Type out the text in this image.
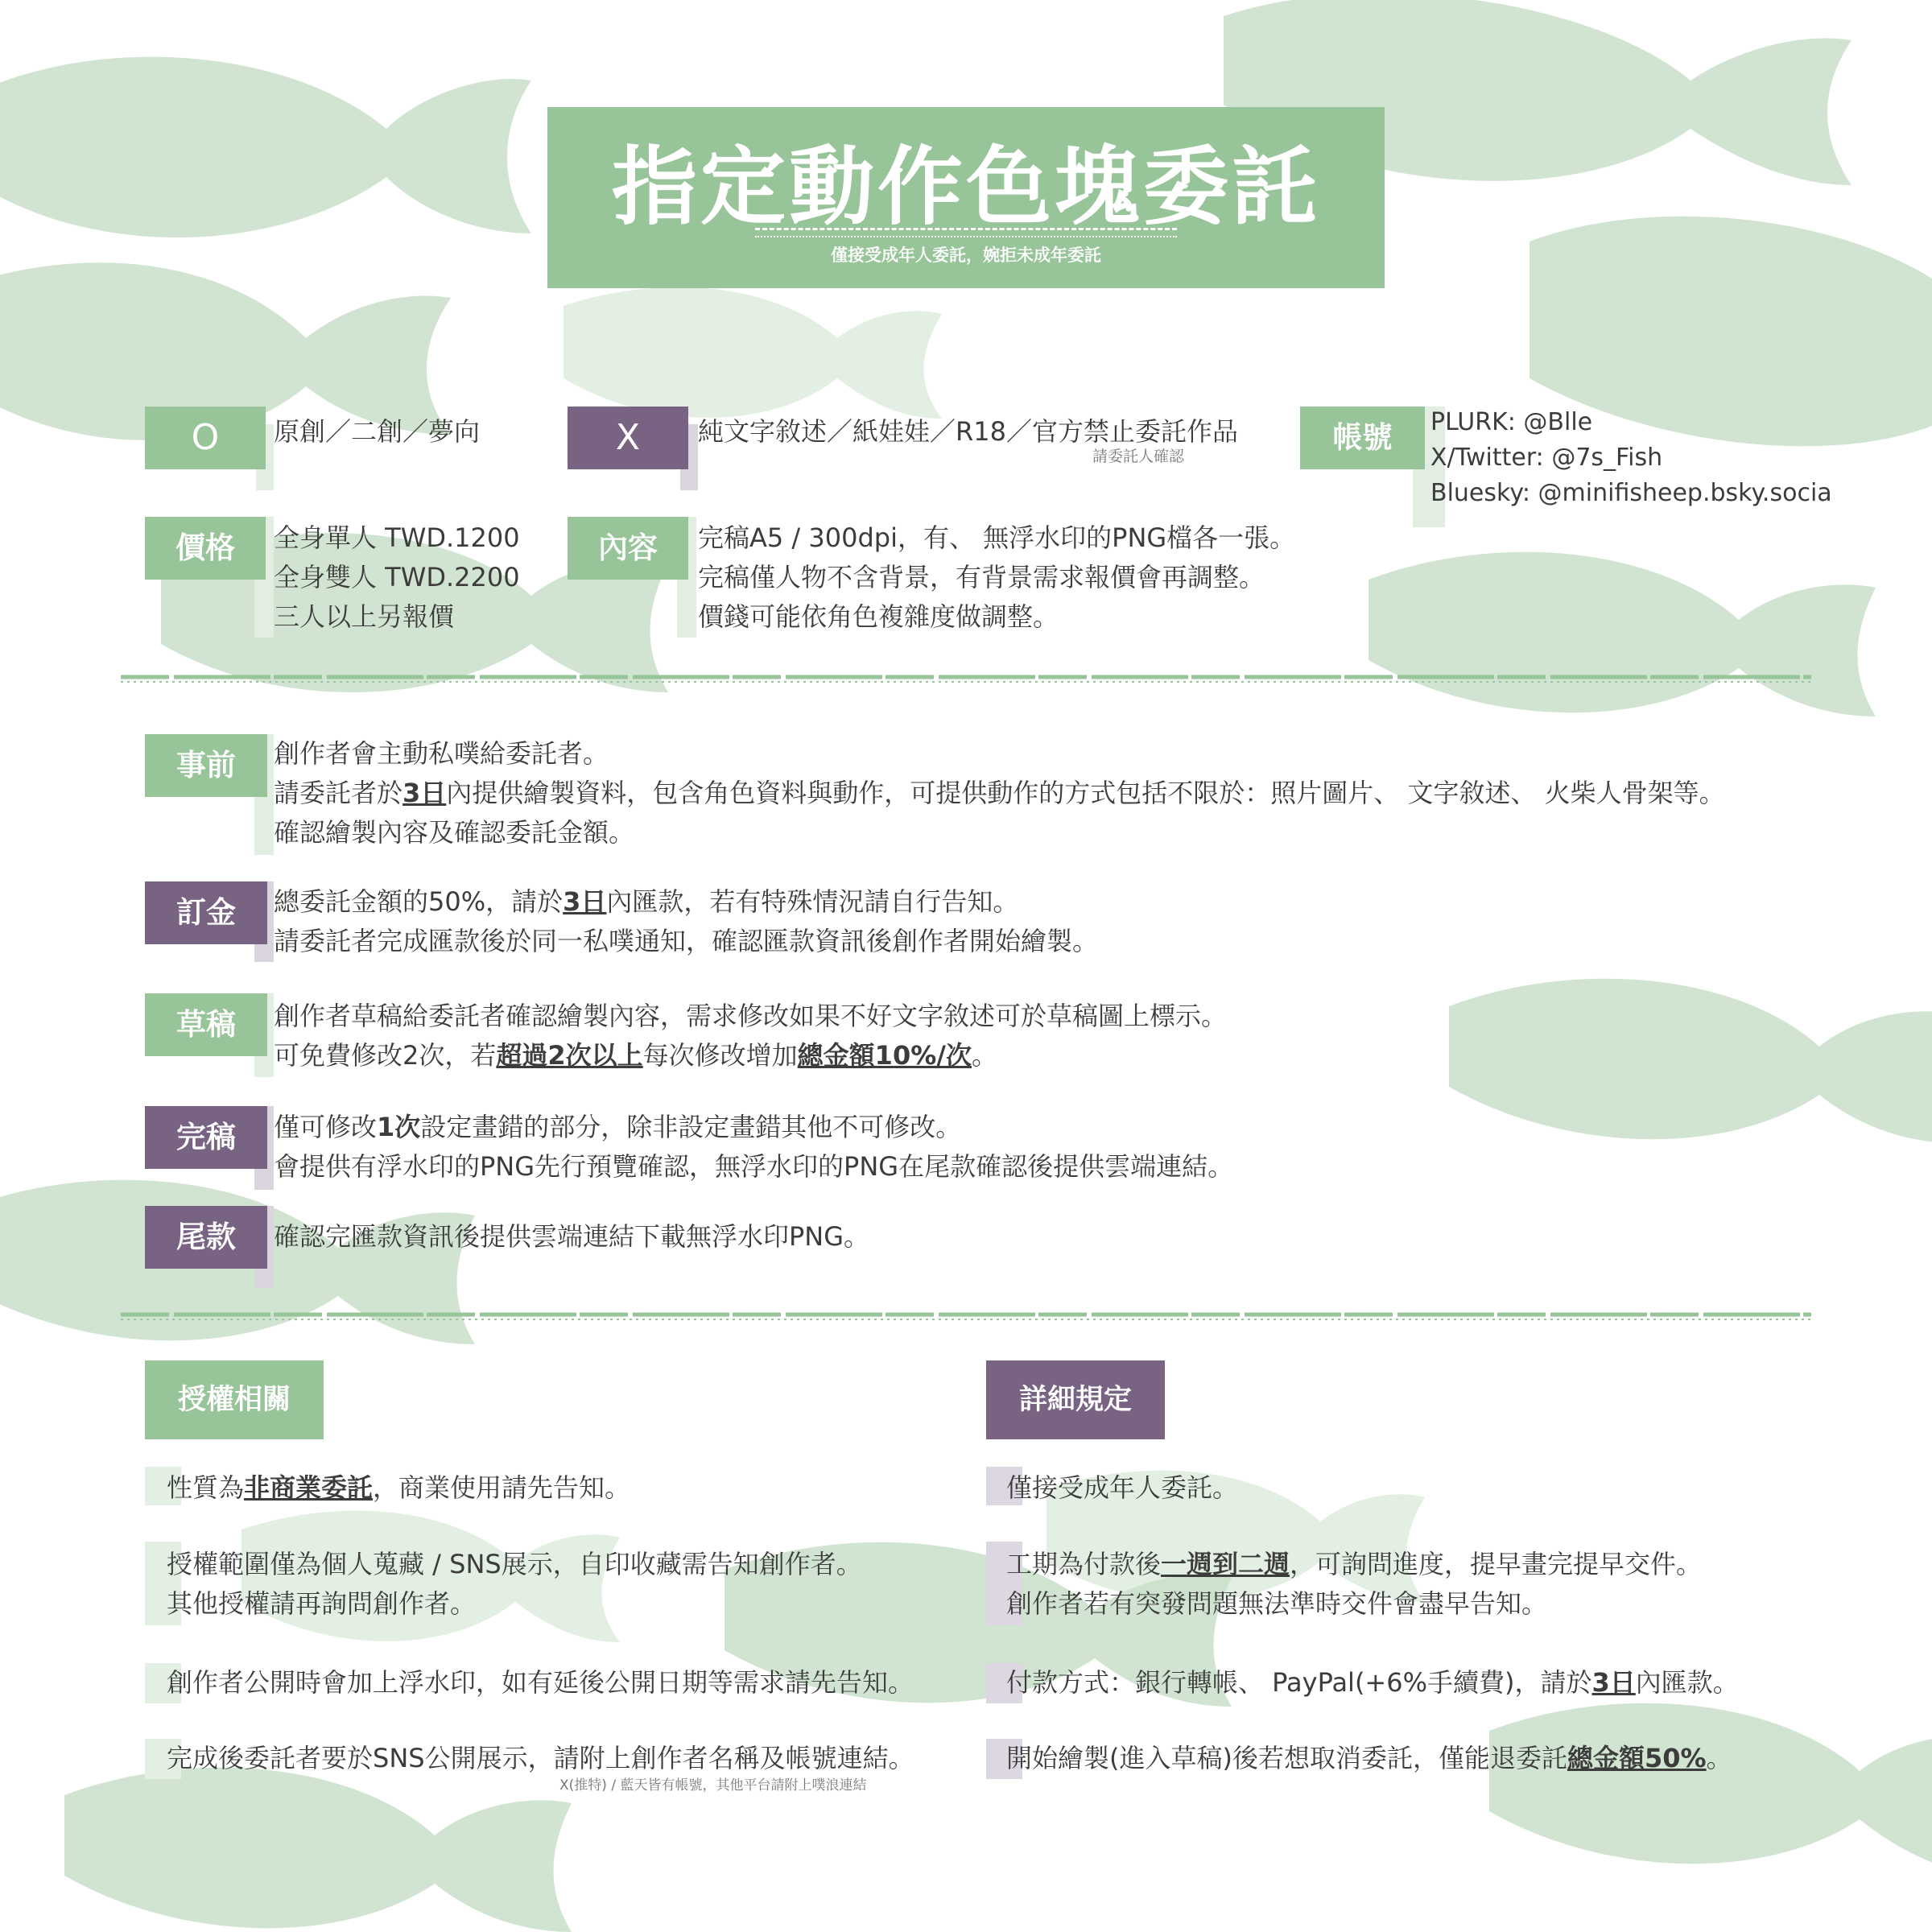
指定動作色塊委託
僅接受成年人委託，婉拒未成年委託
O	原創／二創／夢向	X	純文字敘述／紙娃娃／R18／官方禁止委託作品
請委託人確認
帳號	PLURK: @Blle
X/Twitter: @7s_Fish
Bluesky: @minifisheep.bsky.socia
價格	全身單人 TWD.1200
全身雙人 TWD.2200
三人以上另報價
內容	完稿A5 / 300dpi，有、 無浮水印的PNG檔各一張。
完稿僅人物不含背景，有背景需求報價會再調整。
價錢可能依角色複雜度做調整。
事前	創作者會主動私噗給委託者。
請委託者於3日內提供繪製資料，包含角色資料與動作，可提供動作的方式包括不限於：照片圖片、 文字敘述、 火柴人骨架等。
確認繪製內容及確認委託金額。
訂金	總委託金額的50%，請於3日內匯款，若有特殊情況請自行告知。
請委託者完成匯款後於同一私噗通知，確認匯款資訊後創作者開始繪製。
草稿	創作者草稿給委託者確認繪製內容，需求修改如果不好文字敘述可於草稿圖上標示。
可免費修改2次，若超過2次以上每次修改增加總金額10%/次。
完稿	僅可修改1次設定畫錯的部分，除非設定畫錯其他不可修改。
會提供有浮水印的PNG先行預覽確認，無浮水印的PNG在尾款確認後提供雲端連結。
尾款	確認完匯款資訊後提供雲端連結下載無浮水印PNG。
授權相關
性質為非商業委託，商業使用請先告知。
授權範圍僅為個人蒐藏 / SNS展示，自印收藏需告知創作者。
其他授權請再詢問創作者。
創作者公開時會加上浮水印，如有延後公開日期等需求請先告知。
完成後委託者要於SNS公開展示，請附上創作者名稱及帳號連結。
X(推特) / 藍天皆有帳號，其他平台請附上噗浪連結
詳細規定
僅接受成年人委託。
工期為付款後一週到二週，可詢問進度，提早畫完提早交件。
創作者若有突發問題無法準時交件會盡早告知。
付款方式：銀行轉帳、 PayPal(+6%手續費)，請於3日內匯款。
開始繪製(進入草稿)後若想取消委託，僅能退委託總金額50%。
